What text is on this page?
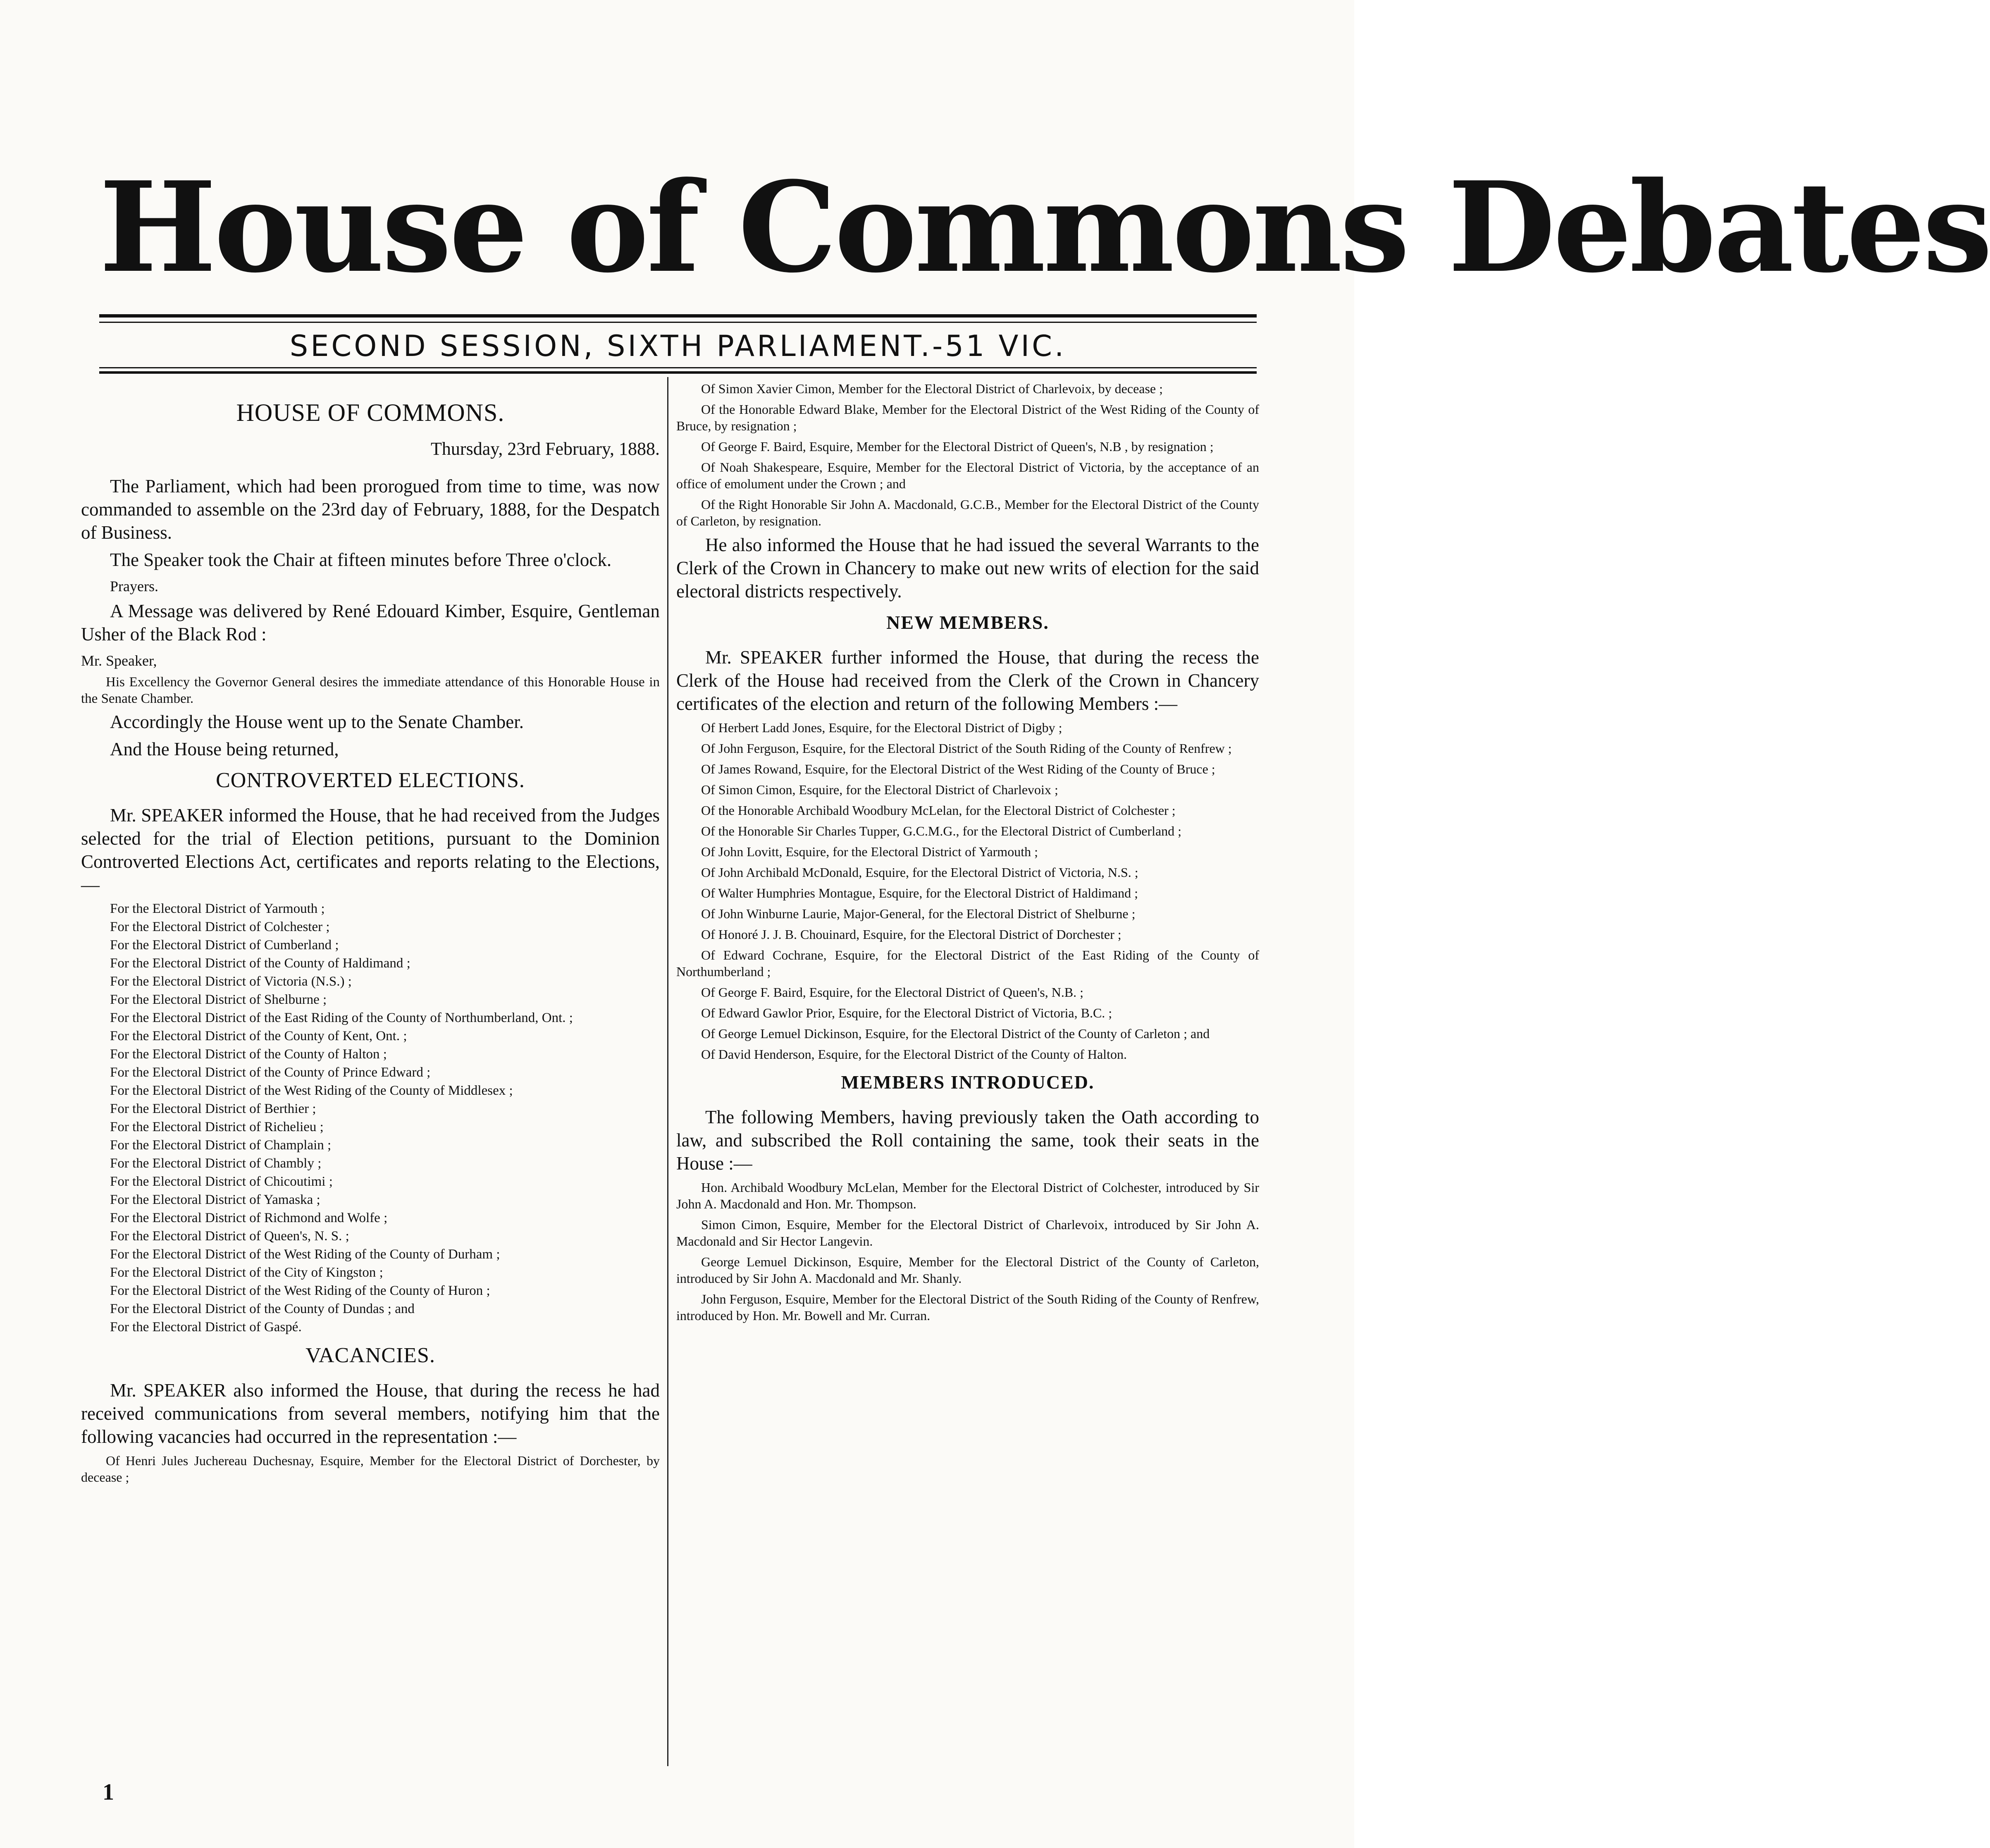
House of Commons Debates
SECOND SESSION, SIXTH PARLIAMENT.-51 VIC.
HOUSE OF COMMONS.
Thursday, 23rd February, 1888.

The Parliament, which had been prorogued from time to time, was now commanded to assemble on the 23rd day of February, 1888, for the Despatch of Business.

The Speaker took the Chair at fifteen minutes before Three o'clock.

Prayers.

A Message was delivered by René Edouard Kimber, Esquire, Gentleman Usher of the Black Rod :

Mr. Speaker,

His Excellency the Governor General desires the immediate attendance of this Honorable House in the Senate Chamber.

Accordingly the House went up to the Senate Chamber.

And the House being returned,

CONTROVERTED ELECTIONS.

Mr. SPEAKER informed the House, that he had received from the Judges selected for the trial of Election petitions, pursuant to the Dominion Controverted Elections Act, certificates and reports relating to the Elections,—

For the Electoral District of Yarmouth ;
For the Electoral District of Colchester ;
For the Electoral District of Cumberland ;
For the Electoral District of the County of Haldimand ;
For the Electoral District of Victoria (N.S.) ;
For the Electoral District of Shelburne ;
For the Electoral District of the East Riding of the County of Northumberland, Ont. ;
For the Electoral District of the County of Kent, Ont. ;
For the Electoral District of the County of Halton ;
For the Electoral District of the County of Prince Edward ;
For the Electoral District of the West Riding of the County of Middlesex ;
For the Electoral District of Berthier ;
For the Electoral District of Richelieu ;
For the Electoral District of Champlain ;
For the Electoral District of Chambly ;
For the Electoral District of Chicoutimi ;
For the Electoral District of Yamaska ;
For the Electoral District of Richmond and Wolfe ;
For the Electoral District of Queen's, N. S. ;
For the Electoral District of the West Riding of the County of Durham ;
For the Electoral District of the City of Kingston ;
For the Electoral District of the West Riding of the County of Huron ;
For the Electoral District of the County of Dundas ; and
For the Electoral District of Gaspé.
VACANCIES.

Mr. SPEAKER also informed the House, that during the recess he had received communications from several members, notifying him that the following vacancies had occurred in the representation :—

Of Henri Jules Juchereau Duchesnay, Esquire, Member for the Electoral District of Dorchester, by decease ;

Of Simon Xavier Cimon, Member for the Electoral District of Charlevoix, by decease ;

Of the Honorable Edward Blake, Member for the Electoral District of the West Riding of the County of Bruce, by resignation ;

Of George F. Baird, Esquire, Member for the Electoral District of Queen's, N.B , by resignation ;

Of Noah Shakespeare, Esquire, Member for the Electoral District of Victoria, by the acceptance of an office of emolument under the Crown ; and

Of the Right Honorable Sir John A. Macdonald, G.C.B., Member for the Electoral District of the County of Carleton, by resignation.

He also informed the House that he had issued the several Warrants to the Clerk of the Crown in Chancery to make out new writs of election for the said electoral districts respectively.

NEW MEMBERS.

Mr. SPEAKER further informed the House, that during the recess the Clerk of the House had received from the Clerk of the Crown in Chancery certificates of the election and return of the following Members :—

Of Herbert Ladd Jones, Esquire, for the Electoral District of Digby ;

Of John Ferguson, Esquire, for the Electoral District of the South Riding of the County of Renfrew ;

Of James Rowand, Esquire, for the Electoral District of the West Riding of the County of Bruce ;

Of Simon Cimon, Esquire, for the Electoral District of Charlevoix ;

Of the Honorable Archibald Woodbury McLelan, for the Electoral District of Colchester ;

Of the Honorable Sir Charles Tupper, G.C.M.G., for the Electoral District of Cumberland ;

Of John Lovitt, Esquire, for the Electoral District of Yarmouth ;

Of John Archibald McDonald, Esquire, for the Electoral District of Victoria, N.S. ;

Of Walter Humphries Montague, Esquire, for the Electoral District of Haldimand ;

Of John Winburne Laurie, Major-General, for the Electoral District of Shelburne ;

Of Honoré J. J. B. Chouinard, Esquire, for the Electoral District of Dorchester ;

Of Edward Cochrane, Esquire, for the Electoral District of the East Riding of the County of Northumberland ;

Of George F. Baird, Esquire, for the Electoral District of Queen's, N.B. ;

Of Edward Gawlor Prior, Esquire, for the Electoral District of Victoria, B.C. ;

Of George Lemuel Dickinson, Esquire, for the Electoral District of the County of Carleton ; and

Of David Henderson, Esquire, for the Electoral District of the County of Halton.

MEMBERS INTRODUCED.

The following Members, having previously taken the Oath according to law, and subscribed the Roll containing the same, took their seats in the House :—

Hon. Archibald Woodbury McLelan, Member for the Electoral District of Colchester, introduced by Sir John A. Macdonald and Hon. Mr. Thompson.

Simon Cimon, Esquire, Member for the Electoral District of Charlevoix, introduced by Sir John A. Macdonald and Sir Hector Langevin.

George Lemuel Dickinson, Esquire, Member for the Electoral District of the County of Carleton, introduced by Sir John A. Macdonald and Mr. Shanly.

John Ferguson, Esquire, Member for the Electoral District of the South Riding of the County of Renfrew, introduced by Hon. Mr. Bowell and Mr. Curran.

1
